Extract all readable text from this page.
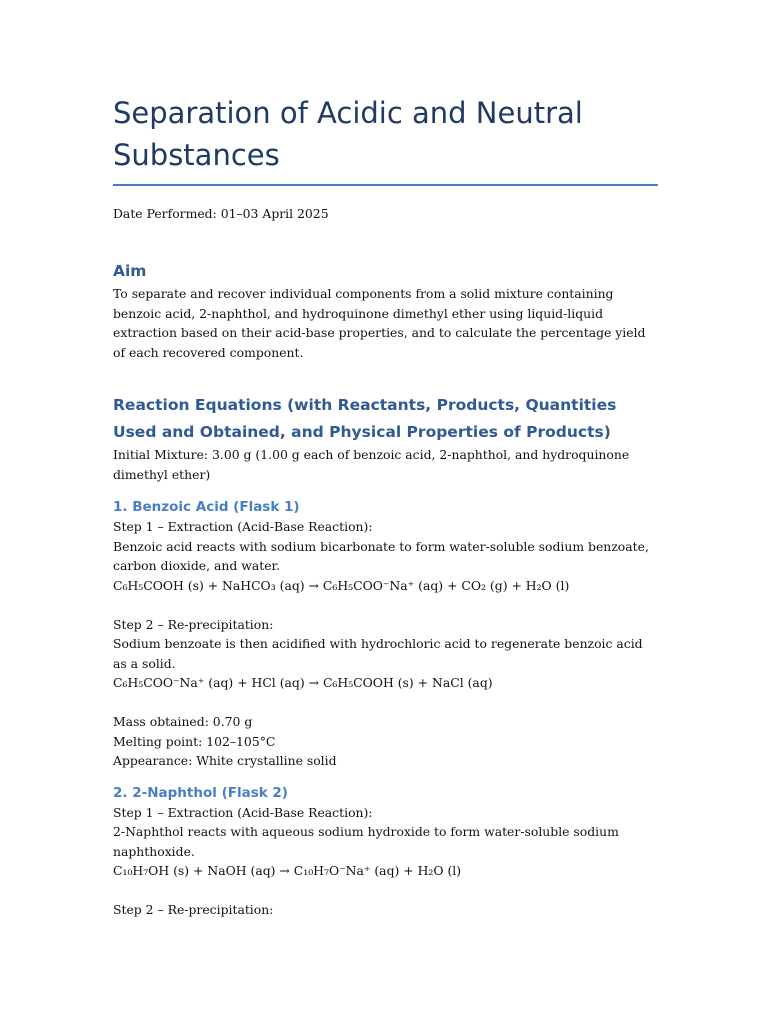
Separation of Acidic and Neutral Substances

Date Performed: 01–03 April 2025

Aim

To separate and recover individual components from a solid mixture containing benzoic acid, 2-naphthol, and hydroquinone dimethyl ether using liquid-liquid extraction based on their acid-base properties, and to calculate the percentage yield of each recovered component.

Reaction Equations (with Reactants, Products, Quantities Used and Obtained, and Physical Properties of Products)

Initial Mixture: 3.00 g (1.00 g each of benzoic acid, 2-naphthol, and hydroquinone dimethyl ether)

1. Benzoic Acid (Flask 1)

Step 1 – Extraction (Acid-Base Reaction):

Benzoic acid reacts with sodium bicarbonate to form water-soluble sodium benzoate, carbon dioxide, and water.

C₆H₅COOH (s) + NaHCO₃ (aq) → C₆H₅COO⁻Na⁺ (aq) + CO₂ (g) + H₂O (l)

Step 2 – Re-precipitation:

Sodium benzoate is then acidified with hydrochloric acid to regenerate benzoic acid as a solid.

C₆H₅COO⁻Na⁺ (aq) + HCl (aq) → C₆H₅COOH (s) + NaCl (aq)

Mass obtained: 0.70 g

Melting point: 102–105°C

Appearance: White crystalline solid

2. 2-Naphthol (Flask 2)

Step 1 – Extraction (Acid-Base Reaction):

2-Naphthol reacts with aqueous sodium hydroxide to form water-soluble sodium naphthoxide.

C₁₀H₇OH (s) + NaOH (aq) → C₁₀H₇O⁻Na⁺ (aq) + H₂O (l)

Step 2 – Re-precipitation:
